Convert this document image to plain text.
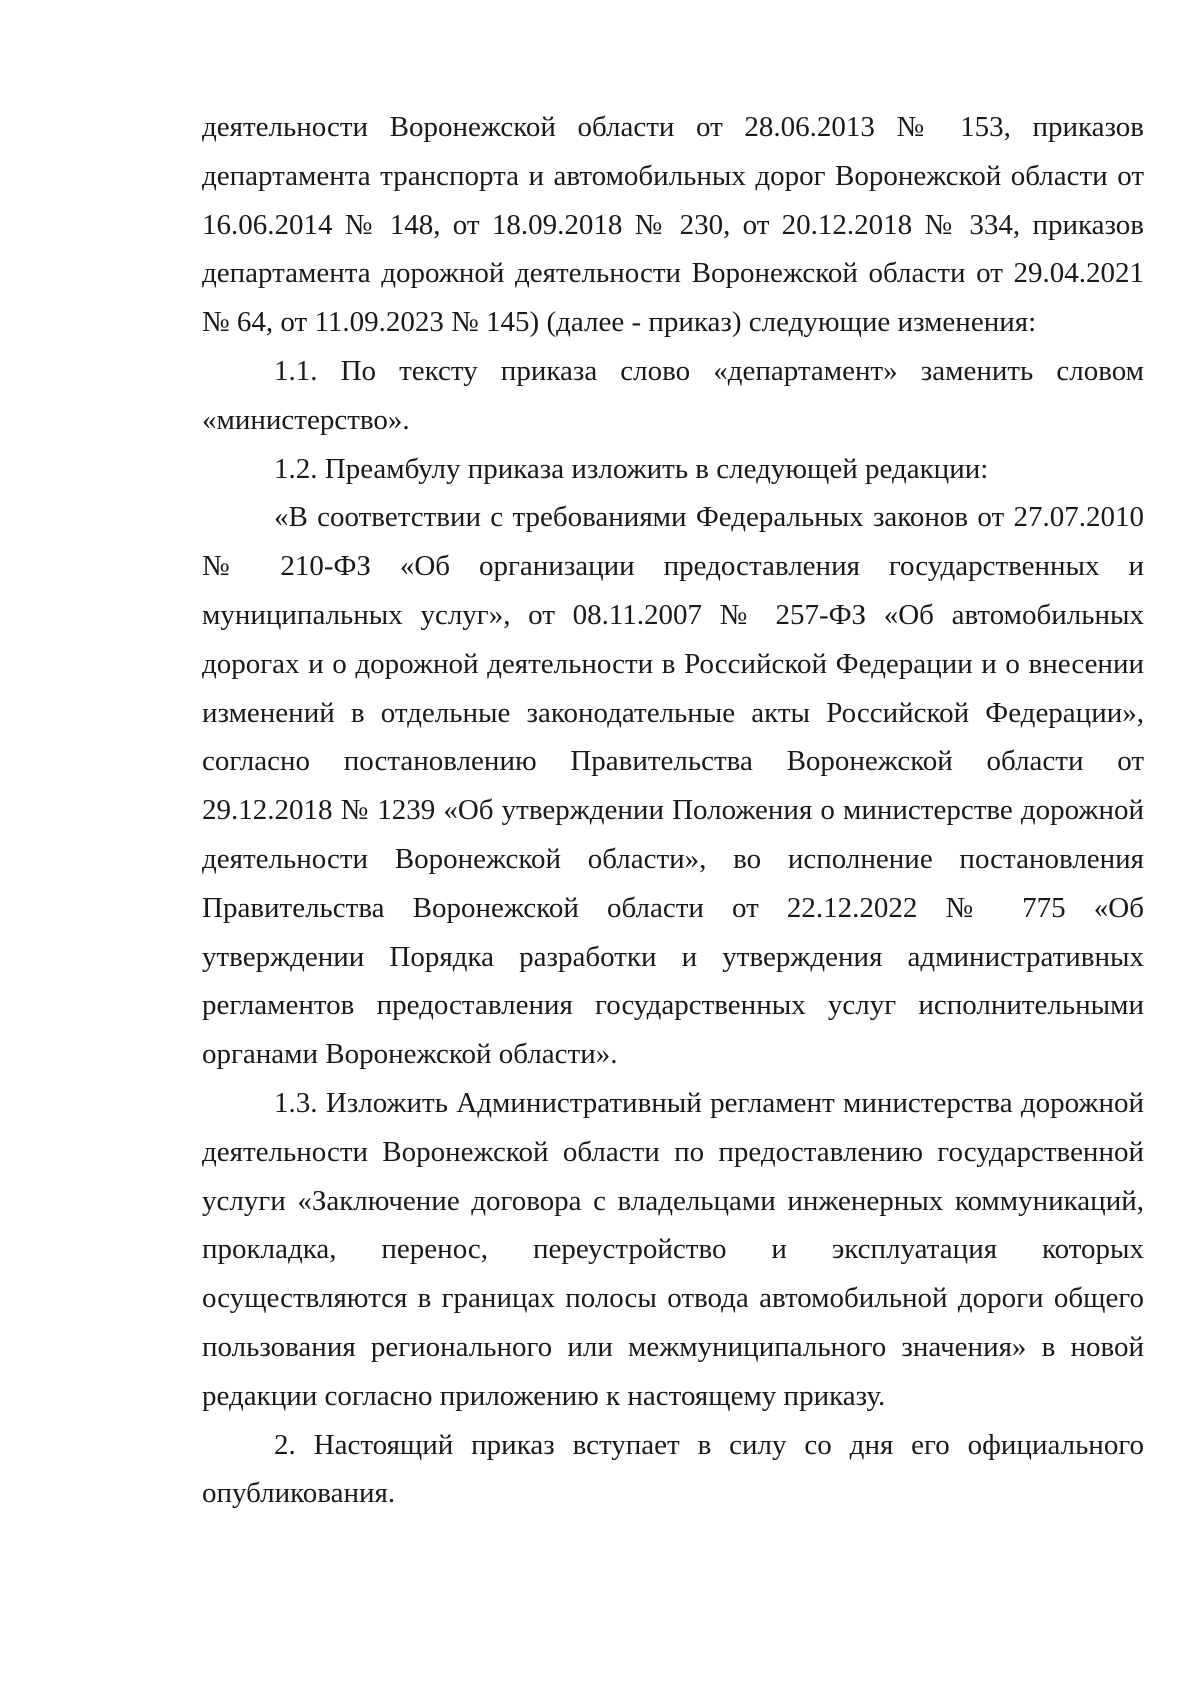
деятельности Воронежской области от 28.06.2013 № 153, приказов департамента транспорта и автомобильных дорог Воронежской области от 16.06.2014 № 148, от 18.09.2018 № 230, от 20.12.2018 № 334, приказов департамента дорожной деятельности Воронежской области от 29.04.2021 № 64, от 11.09.2023 № 145) (далее - приказ) следующие изменения:

1.1. По тексту приказа слово «департамент» заменить словом «министерство».

1.2. Преамбулу приказа изложить в следующей редакции:

«В соответствии с требованиями Федеральных законов от 27.07.2010 № 210-ФЗ «Об организации предоставления государственных и муниципальных услуг», от 08.11.2007 № 257-ФЗ «Об автомобильных дорогах и о дорожной деятельности в Российской Федерации и о внесении изменений в отдельные законодательные акты Российской Федерации», согласно постановлению Правительства Воронежской области от 29.12.2018 № 1239 «Об утверждении Положения о министерстве дорожной деятельности Воронежской области», во исполнение постановления Правительства Воронежской области от 22.12.2022 № 775 «Об утверждении Порядка разработки и утверждения административных регламентов предоставления государственных услуг исполнительными органами Воронежской области».

1.3. Изложить Административный регламент министерства дорожной деятельности Воронежской области по предоставлению государственной услуги «Заключение договора с владельцами инженерных коммуникаций, прокладка, перенос, переустройство и эксплуатация которых осуществляются в границах полосы отвода автомобильной дороги общего пользования регионального или межмуниципального значения» в новой редакции согласно приложению к настоящему приказу.

2. Настоящий приказ вступает в силу со дня его официального опубликования.
